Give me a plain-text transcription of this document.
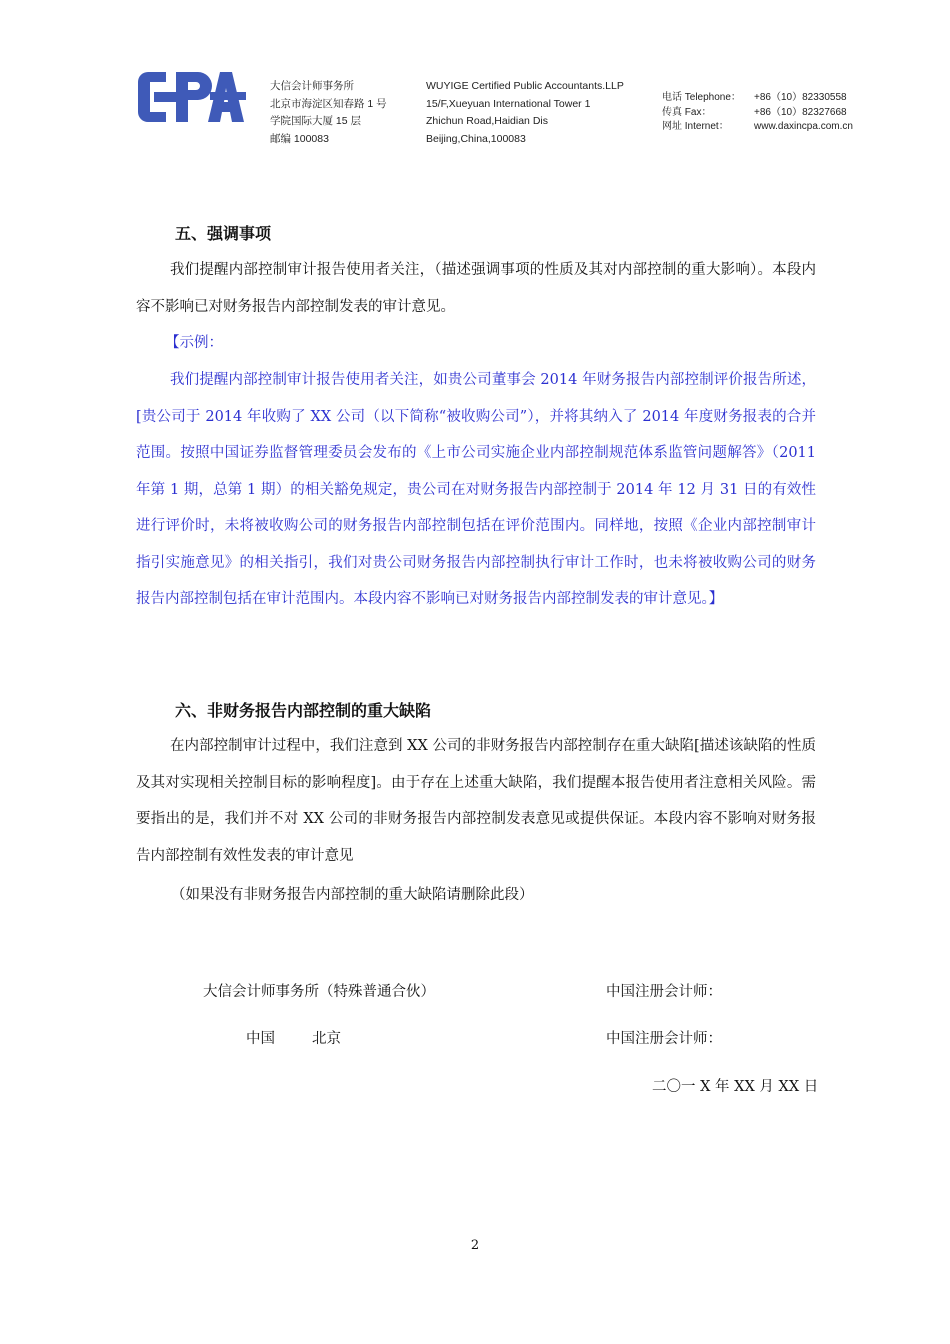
大信会计师事务所
北京市海淀区知春路 1 号
学院国际大厦 15 层
邮编 100083
WUYIGE Certified Public Accountants.LLP
15/F,Xueyuan International Tower 1
Zhichun Road,Haidian Dis
Beijing,China,100083
电话 Telephone： +86（10）82330558
传真 Fax：	+86（10）82327668
网址 Internet：	www.daxincpa.com.cn
五、强调事项
我们提醒内部控制审计报告使用者关注，（描述强调事项的性质及其对内部控制的重大影响）。本段内容不影响已对财务报告内部控制发表的审计意见。
【示例：
我们提醒内部控制审计报告使用者关注，如贵公司董事会 2014 年财务报告内部控制评价报告所述，[贵公司于 2014 年收购了 XX 公司（以下简称“被收购公司”），并将其纳入了 2014 年度财务报表的合并范围。按照中国证券监督管理委员会发布的《上市公司实施企业内部控制规范体系监管问题解答》（2011 年第 1 期，总第 1 期）的相关豁免规定，贵公司在对财务报告内部控制于 2014 年 12 月 31 日的有效性进行评价时，未将被收购公司的财务报告内部控制包括在评价范围内。同样地，按照《企业内部控制审计指引实施意见》的相关指引，我们对贵公司财务报告内部控制执行审计工作时，也未将被收购公司的财务报告内部控制包括在审计范围内。本段内容不影响已对财务报告内部控制发表的审计意见。】
六、非财务报告内部控制的重大缺陷
在内部控制审计过程中，我们注意到 XX 公司的非财务报告内部控制存在重大缺陷[描述该缺陷的性质及其对实现相关控制目标的影响程度]。由于存在上述重大缺陷，我们提醒本报告使用者注意相关风险。需要指出的是，我们并不对 XX 公司的非财务报告内部控制发表意见或提供保证。本段内容不影响对财务报告内部控制有效性发表的审计意见
（如果没有非财务报告内部控制的重大缺陷请删除此段）
大信会计师事务所（特殊普通合伙）	中国注册会计师：
中国	北京	中国注册会计师：
二〇一 X 年 XX 月 XX 日
2
